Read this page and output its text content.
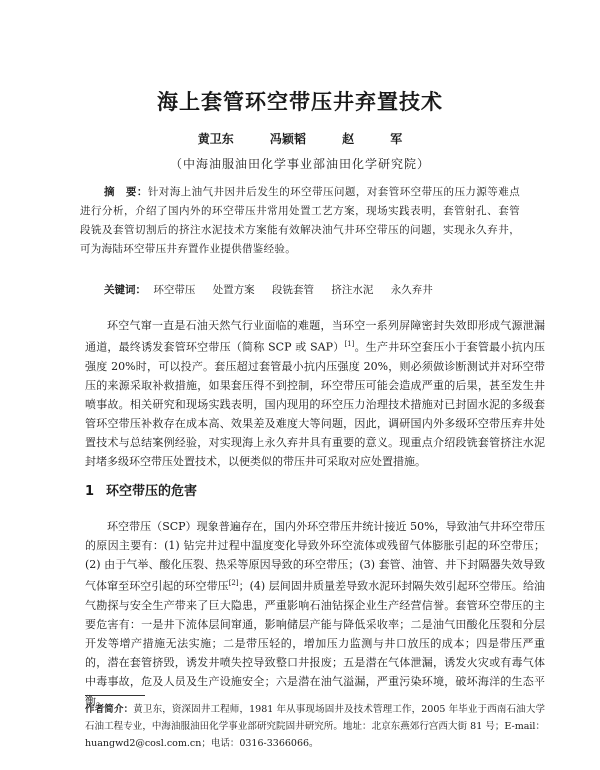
海上套管环空带压井弃置技术
黄卫东	冯颖韬	赵	军
（中海油服油田化学事业部油田化学研究院）
摘　要：针对海上油气井因井后发生的环空带压问题，对套管环空带压的压力源等难点进行分析，介绍了国内外的环空带压井常用处置工艺方案，现场实践表明，套管射孔、套管段铣及套管切割后的挤注水泥技术方案能有效解决油气井环空带压的问题，实现永久弃井，可为海陆环空带压井弃置作业提供借鉴经验。
关键词： 环空带压 处置方案 段铣套管 挤注水泥 永久弃井
环空气窜一直是石油天然气行业面临的难题，当环空一系列屏障密封失效即形成气源泄漏通道，最终诱发套管环空带压（简称 SCP 或 SAP）[1]。生产井环空套压小于套管最小抗内压强度 20%时，可以投产。套压超过套管最小抗内压强度 20%，则必须做诊断测试并对环空带压的来源采取补救措施，如果套压得不到控制，环空带压可能会造成严重的后果，甚至发生井喷事故。相关研究和现场实践表明，国内现用的环空压力治理技术措施对已封固水泥的多级套管环空带压补救存在成本高、效果差及难度大等问题，因此，调研国内外多级环空带压弃井处置技术与总结案例经验，对实现海上永久弃井具有重要的意义。现重点介绍段铣套管挤注水泥封堵多级环空带压处置技术，以便类似的带压井可采取对应处置措施。
1 环空带压的危害
环空带压（SCP）现象普遍存在，国内外环空带压井统计接近 50%，导致油气井环空带压的原因主要有：(1) 钻完井过程中温度变化导致外环空流体或残留气体膨胀引起的环空带压；(2) 由于气举、酸化压裂、热采等原因导致的环空带压；(3) 套管、油管、井下封隔器失效导致气体窜至环空引起的环空带压[2]；(4) 层间固井质量差导致水泥环封隔失效引起环空带压。给油气勘探与安全生产带来了巨大隐患，严重影响石油钻探企业生产经营信誉。套管环空带压的主要危害有：一是井下流体层间窜通，影响储层产能与降低采收率；二是油气田酸化压裂和分层开发等增产措施无法实施；二是带压轻的，增加压力监测与井口放压的成本；四是带压严重的，潜在套管挤毁，诱发井喷失控导致整口井报废；五是潜在气体泄漏，诱发火灾或有毒气体中毒事故，危及人员及生产设施安全；六是潜在油气溢漏，严重污染环境，破坏海洋的生态平衡。
作者简介：黄卫东，资深固井工程师，1981 年从事现场固井及技术管理工作，2005 年毕业于西南石油大学石油工程专业，中海油服油田化学事业部研究院固井研究所。地址：北京东燕郊行宫西大街 81 号；E-mail：huangwd2@cosl.com.cn；电话：0316-3366066。
